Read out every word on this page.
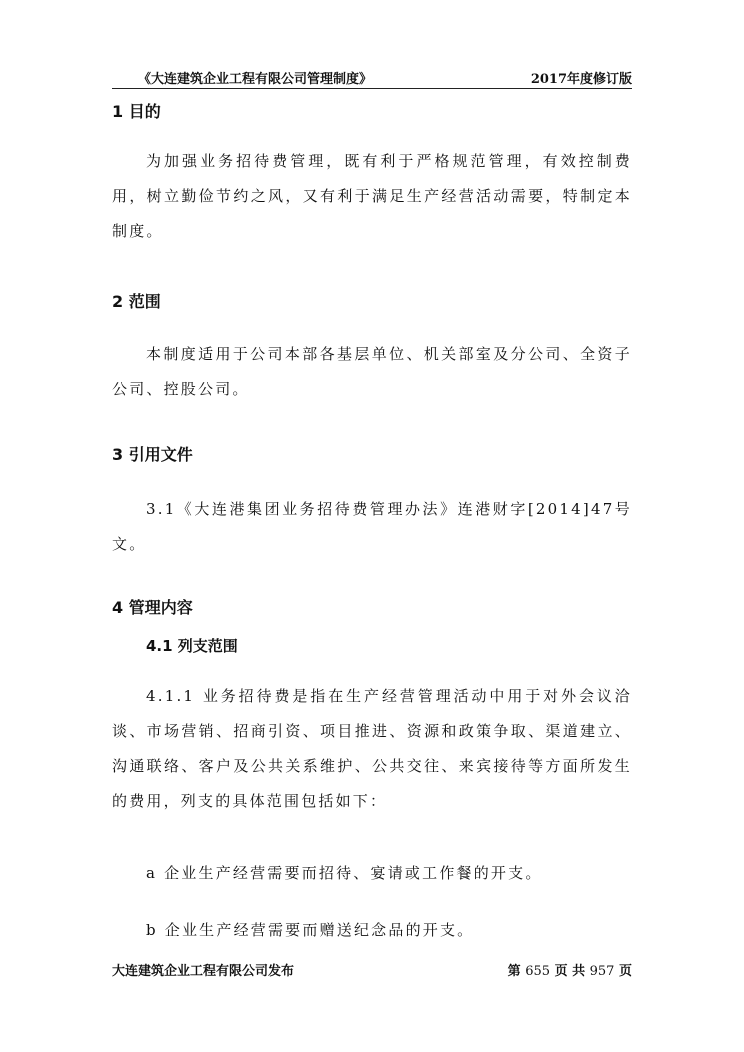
《大连建筑企业工程有限公司管理制度》	2017年度修订版
1 目的

为加强业务招待费管理，既有利于严格规范管理，有效控制费用，树立勤俭节约之风，又有利于满足生产经营活动需要，特制定本制度。

2 范围

本制度适用于公司本部各基层单位、机关部室及分公司、全资子公司、控股公司。

3 引用文件

3.1《大连港集团业务招待费管理办法》连港财字[2014]47号文。

4 管理内容
4.1 列支范围

4.1.1 业务招待费是指在生产经营管理活动中用于对外会议洽谈、市场营销、招商引资、项目推进、资源和政策争取、渠道建立、沟通联络、客户及公共关系维护、公共交往、来宾接待等方面所发生的费用，列支的具体范围包括如下：

a 企业生产经营需要而招待、宴请或工作餐的开支。

b 企业生产经营需要而赠送纪念品的开支。

大连建筑企业工程有限公司发布	第 655 页 共 957 页
